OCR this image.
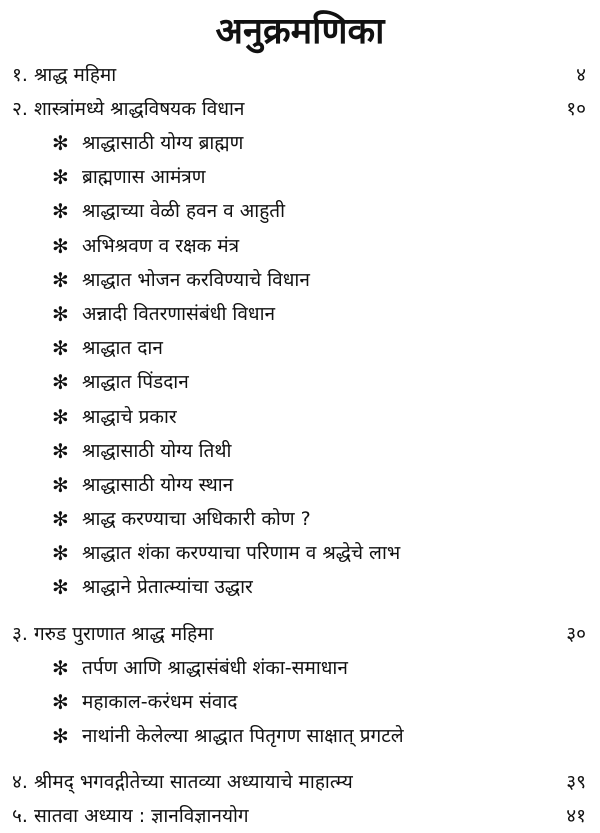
अनुक्रमणिका
१. श्राद्ध महिमा	४
२. शास्त्रांमध्ये श्राद्धविषयक विधान	१०
✻ श्राद्धासाठी योग्य ब्राह्मण
✻ ब्राह्मणास आमंत्रण
✻ श्राद्धाच्या वेळी हवन व आहुती
✻ अभिश्रवण व रक्षक मंत्र
✻ श्राद्धात भोजन करविण्याचे विधान
✻ अन्नादी वितरणासंबंधी विधान
✻ श्राद्धात दान
✻ श्राद्धात पिंडदान
✻ श्राद्धाचे प्रकार
✻ श्राद्धासाठी योग्य तिथी
✻ श्राद्धासाठी योग्य स्थान
✻ श्राद्ध करण्याचा अधिकारी कोण ?
✻ श्राद्धात शंका करण्याचा परिणाम व श्रद्धेचे लाभ
✻ श्राद्धाने प्रेतात्म्यांचा उद्धार
३. गरुड पुराणात श्राद्ध महिमा	३०
✻ तर्पण आणि श्राद्धासंबंधी शंका-समाधान
✻ महाकाल-करंधम संवाद
✻ नाथांनी केलेल्या श्राद्धात पितृगण साक्षात् प्रगटले
४. श्रीमद् भगवद्गीतेच्या सातव्या अध्यायाचे माहात्म्य	३९
५. सातवा अध्याय : ज्ञानविज्ञानयोग	४१
